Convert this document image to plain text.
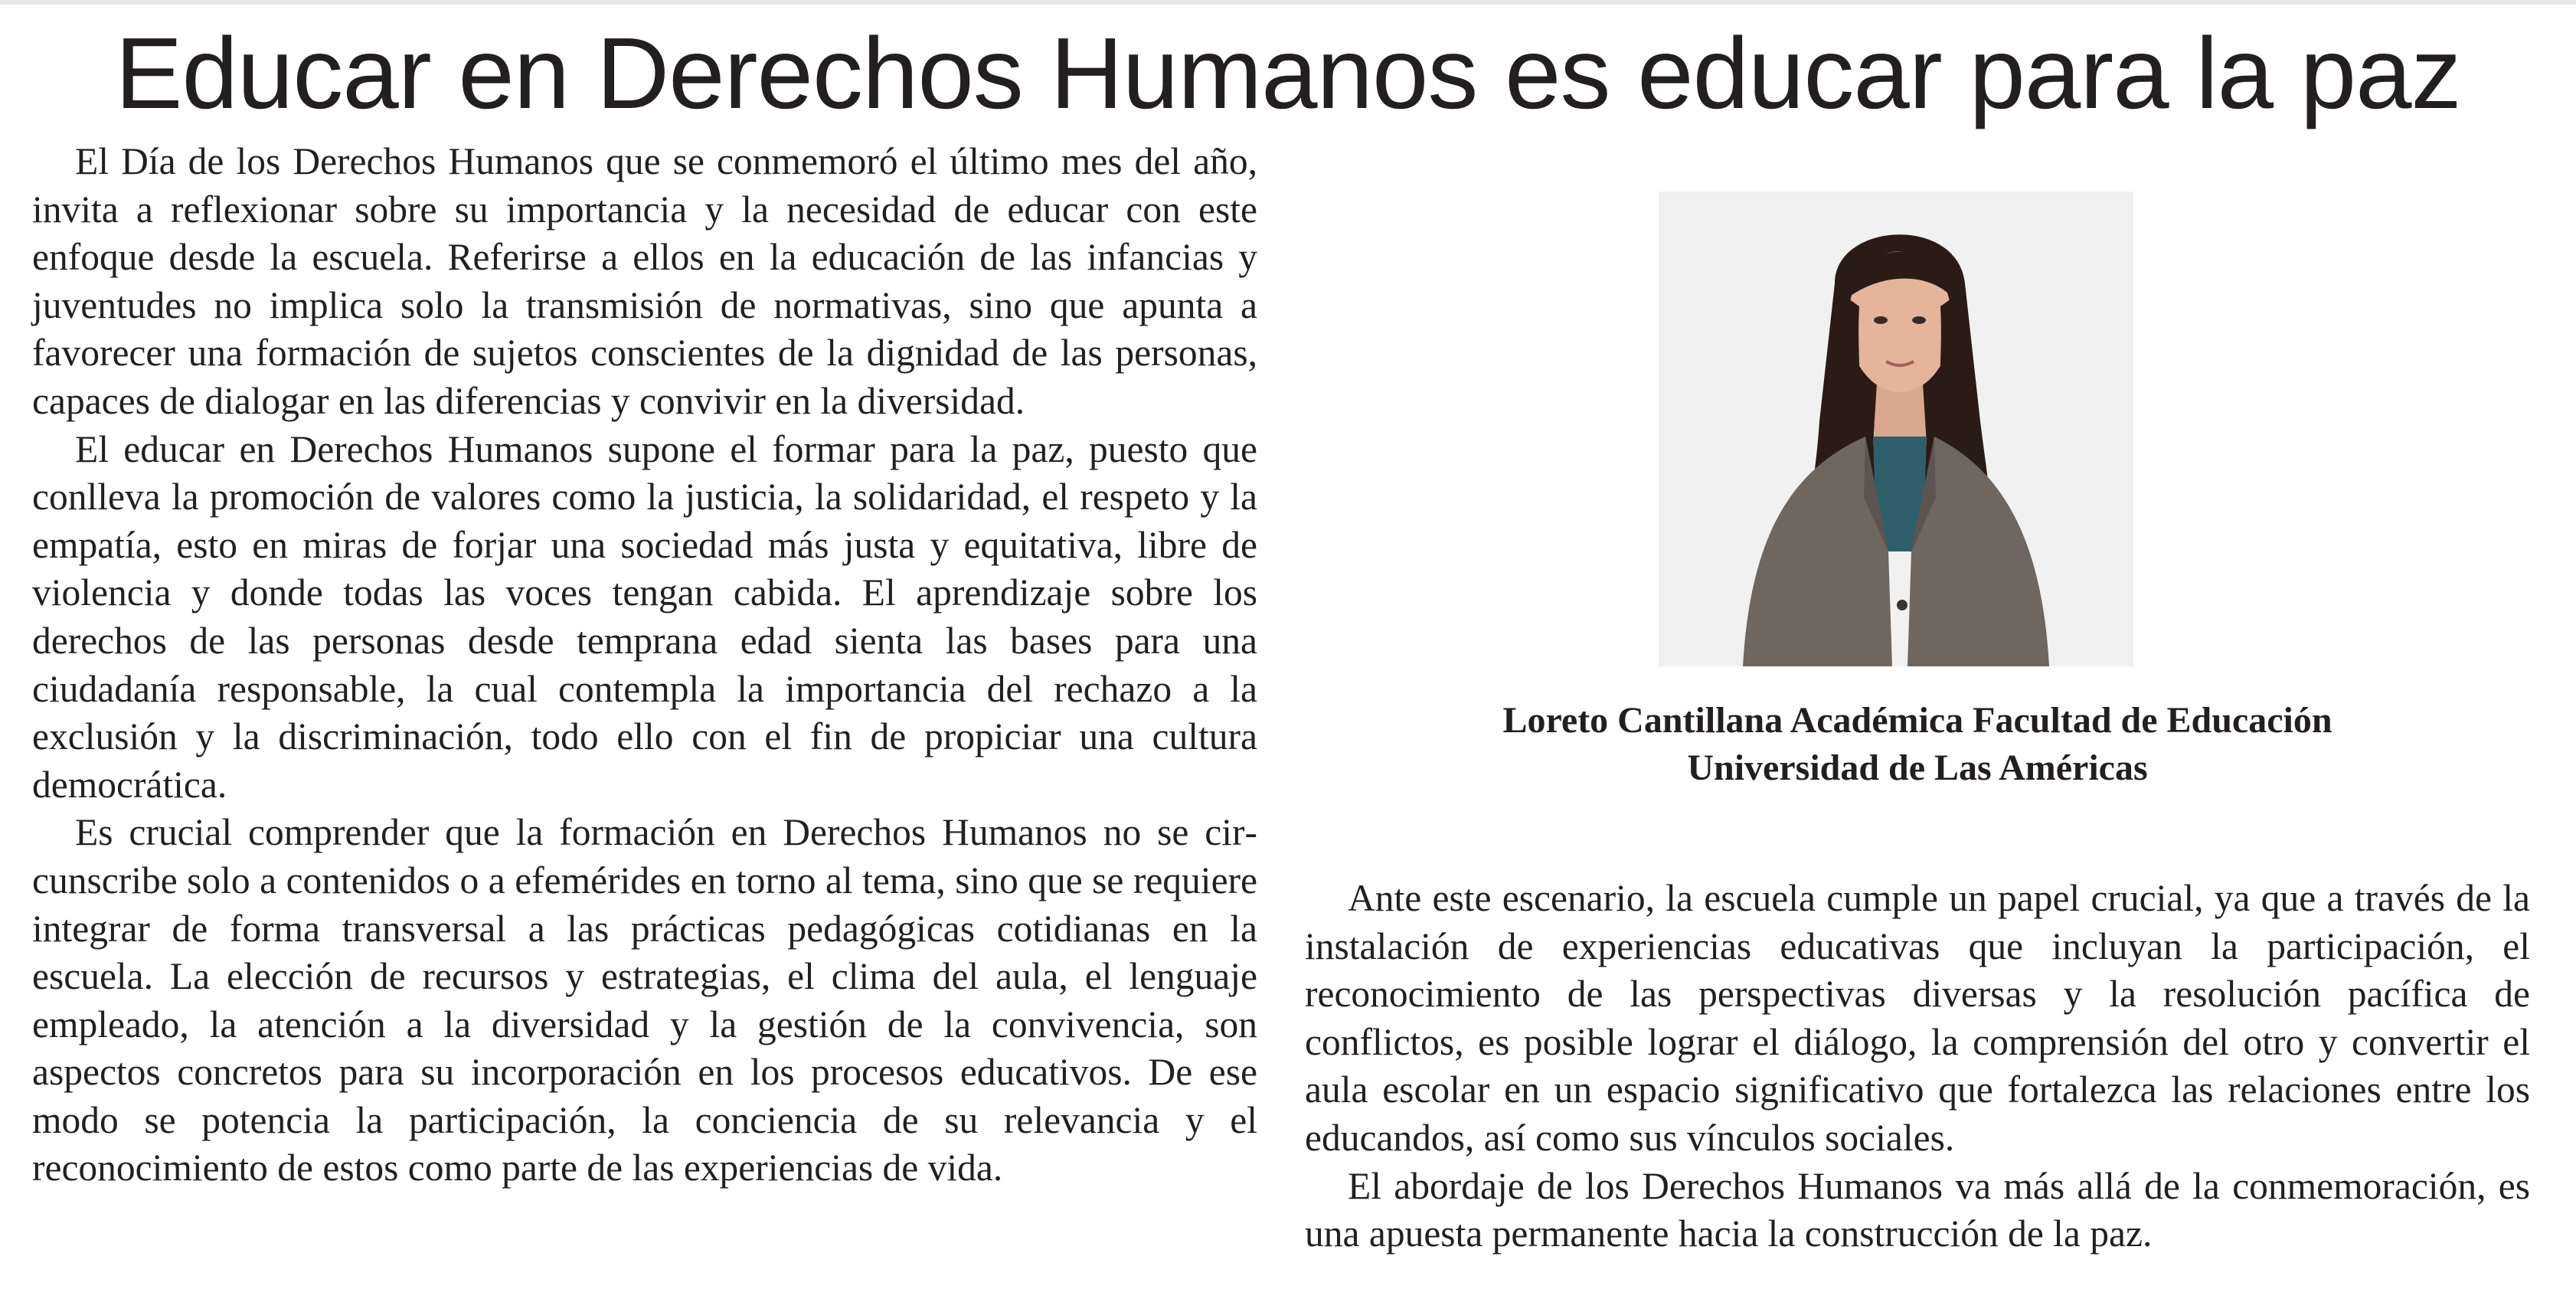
Educar en Derechos Humanos es educar para la paz

El Día de los Derechos Humanos que se conmemoró el último mes del año, invita a reflexionar sobre su importancia y la necesidad de educar con este enfoque desde la escuela. Referirse a ellos en la educación de las infancias y juventudes no implica solo la transmisión de normativas, sino que apunta a favorecer una formación de sujetos conscientes de la dignidad de las personas, capaces de dialogar en las diferencias y convivir en la diversidad.

El educar en Derechos Humanos supone el formar para la paz, puesto que conlleva la promoción de valores como la justicia, la solidaridad, el respeto y la empatía, esto en miras de forjar una sociedad más justa y equitativa, libre de violencia y donde todas las voces tengan cabida. El aprendizaje sobre los derechos de las personas desde temprana edad sienta las bases para una ciudadanía responsable, la cual contempla la importancia del rechazo a la exclusión y la discriminación, todo ello con el fin de propiciar una cultura democrática.

Es crucial comprender que la formación en Derechos Humanos no se circunscribe solo a contenidos o a efemérides en torno al tema, sino que se requiere integrar de forma transversal a las prácticas pedagógicas cotidianas en la escuela. La elección de recursos y estrategias, el clima del aula, el lenguaje empleado, la atención a la diversidad y la gestión de la convivencia, son aspectos concretos para su incorporación en los procesos educativos. De ese modo se potencia la participación, la conciencia de su relevancia y el reconocimiento de estos como parte de las experiencias de vida.

Loreto Cantillana Académica Facultad de Educación
Universidad de Las Américas

Ante este escenario, la escuela cumple un papel crucial, ya que a través de la instalación de experiencias educativas que incluyan la participación, el reconocimiento de las perspectivas diversas y la resolución pacífica de conflictos, es posible lograr el diálogo, la comprensión del otro y convertir el aula escolar en un espacio significativo que fortalezca las relaciones entre los educandos, así como sus vínculos sociales.

El abordaje de los Derechos Humanos va más allá de la conmemoración, es una apuesta permanente hacia la construcción de la paz.
